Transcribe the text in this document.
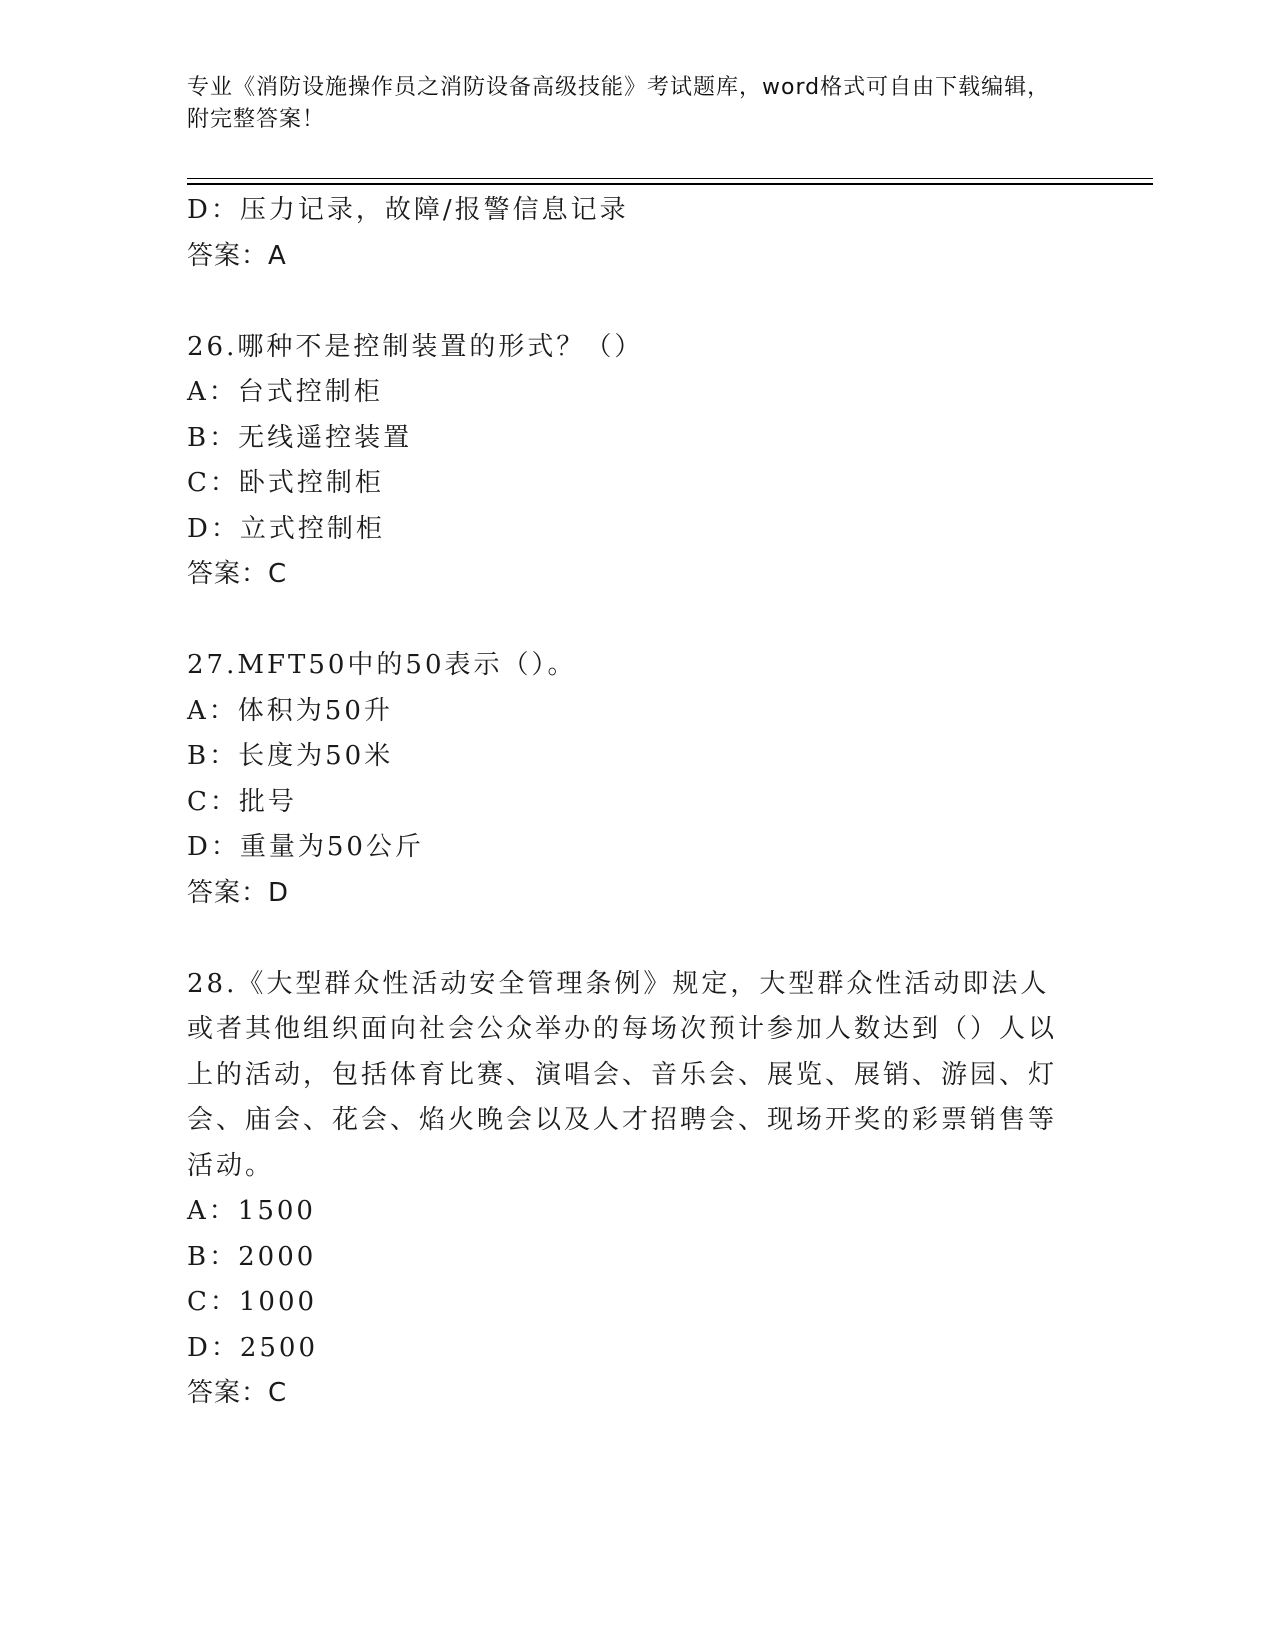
专业《消防设施操作员之消防设备高级技能》考试题库，word格式可自由下载编辑，附完整答案！
D：压力记录，故障/报警信息记录
答案：A
26.哪种不是控制装置的形式？（）
A：台式控制柜
B：无线遥控装置
C：卧式控制柜
D：立式控制柜
答案：C
27.MFT50中的50表示（）。
A：体积为50升
B：长度为50米
C：批号
D：重量为50公斤
答案：D
28.《大型群众性活动安全管理条例》规定，大型群众性活动即法人或者其他组织面向社会公众举办的每场次预计参加人数达到（）人以上的活动，包括体育比赛、演唱会、音乐会、展览、展销、游园、灯会、庙会、花会、焰火晚会以及人才招聘会、现场开奖的彩票销售等活动。
A：1500
B：2000
C：1000
D：2500
答案：C
